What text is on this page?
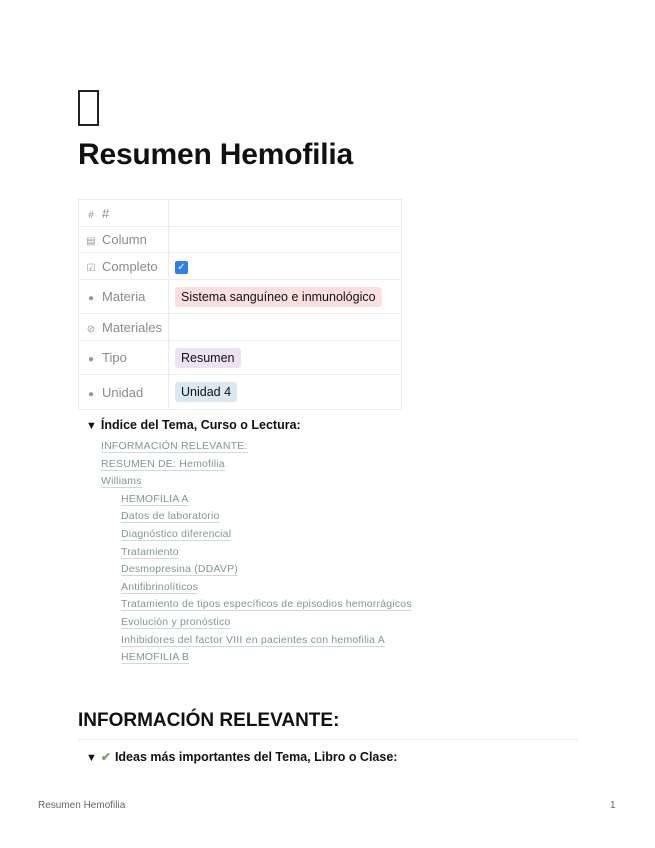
Resumen Hemofilia
# #	
▤ Column	
☑ Completo	✓
● Materia	Sistema sanguíneo e inmunológico
⊘ Materiales	
● Tipo	Resumen
● Unidad	Unidad 4
▼ Índice del Tema, Curso o Lectura:
INFORMACIÓN RELEVANTE:
RESUMEN DE: Hemofilia
Williams
HEMOFILIA A
Datos de laboratorio
Diagnóstico diferencial
Tratamiento
Desmopresina (DDAVP)
Antifibrinolíticos
Tratamiento de tipos específicos de episodios hemorrágicos
Evolución y pronóstico
Inhibidores del factor VIII en pacientes con hemofilia A
HEMOFILIA B
INFORMACIÓN RELEVANTE:
▼ ✔ Ideas más importantes del Tema, Libro o Clase:
Resumen Hemofilia	1
